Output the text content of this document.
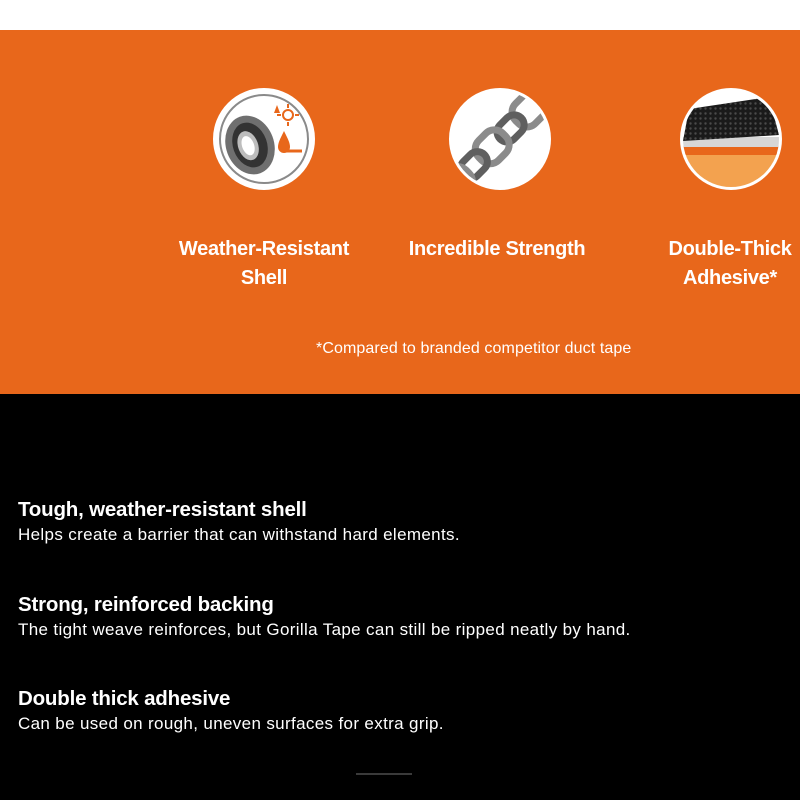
Weather-Resistant
Shell
Incredible Strength	Double-Thick
Adhesive*
*Compared to branded competitor duct tape
Tough, weather-resistant shell
Helps create a barrier that can withstand hard elements.
Strong, reinforced backing
The tight weave reinforces, but Gorilla Tape can still be ripped neatly by hand.
Double thick adhesive
Can be used on rough, uneven surfaces for extra grip.
